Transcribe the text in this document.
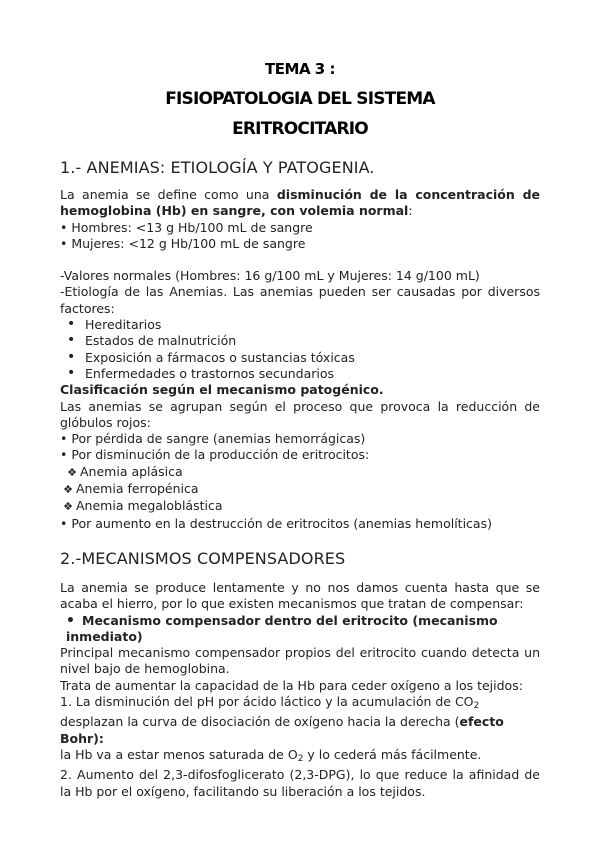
TEMA 3 :
FISIOPATOLOGIA DEL SISTEMA
ERITROCITARIO
1.- ANEMIAS: ETIOLOGÍA Y PATOGENIA.

La anemia se define como una disminución de la concentración de hemoglobina (Hb) en sangre, con volemia normal:

• Hombres: <13 g Hb/100 mL de sangre

• Mujeres: <12 g Hb/100 mL de sangre

-Valores normales (Hombres: 16 g/100 mL y Mujeres: 14 g/100 mL)

-Etiología de las Anemias. Las anemias pueden ser causadas por diversos factores:

• Hereditarios
• Estados de malnutrición
• Exposición a fármacos o sustancias tóxicas
• Enfermedades o trastornos secundarios

Clasificación según el mecanismo patogénico.

Las anemias se agrupan según el proceso que provoca la reducción de glóbulos rojos:

• Por pérdida de sangre (anemias hemorrágicas)

• Por disminución de la producción de eritrocitos:

❖ Anemia aplásica

❖ Anemia ferropénica

❖ Anemia megaloblástica

• Por aumento en la destrucción de eritrocitos (anemias hemolíticas)

2.-MECANISMOS COMPENSADORES

La anemia se produce lentamente y no nos damos cuenta hasta que se acaba el hierro, por lo que existen mecanismos que tratan de compensar:

• Mecanismo compensador dentro del eritrocito (mecanismo inmediato)

Principal mecanismo compensador propios del eritrocito cuando detecta un nivel bajo de hemoglobina.

Trata de aumentar la capacidad de la Hb para ceder oxígeno a los tejidos:

1. La disminución del pH por ácido láctico y la acumulación de $CO_2$

desplazan la curva de disociación de oxígeno hacia la derecha (efecto Bohr):

la Hb va a estar menos saturada de $O_2$ y lo cederá más fácilmente.

2. Aumento del 2,3-difosfoglicerato (2,3-DPG), lo que reduce la afinidad de la Hb por el oxígeno, facilitando su liberación a los tejidos.
